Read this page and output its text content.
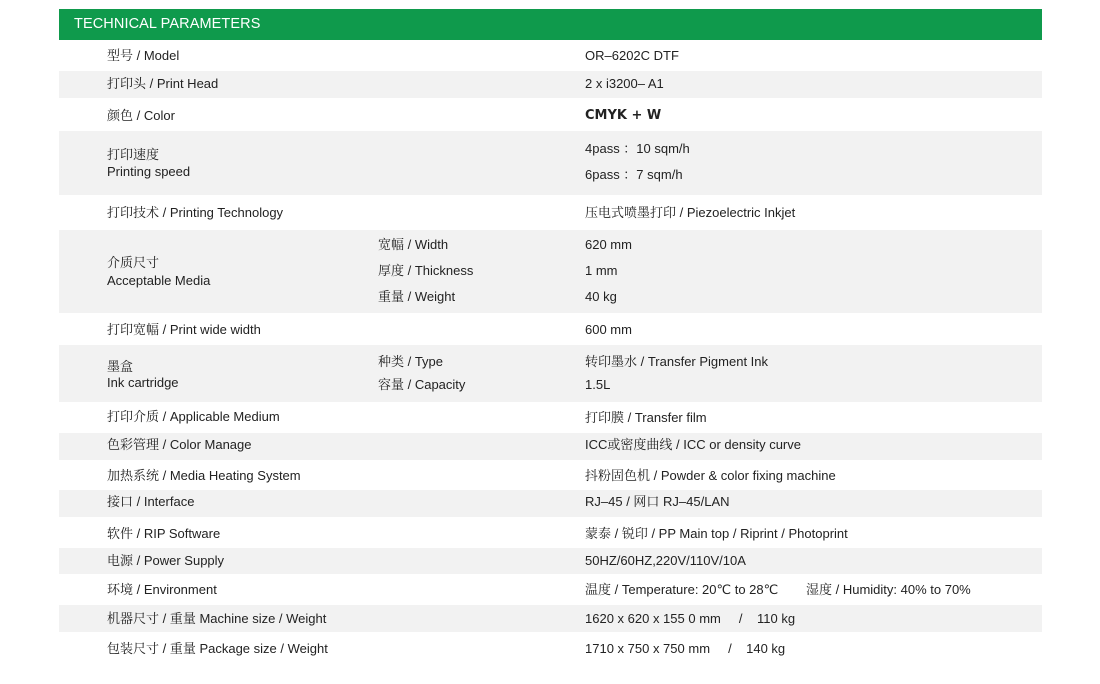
TECHNICAL PARAMETERS
型号 / Model	OR–6202C DTF
打印头 / Print Head	2 x i3200– A1
颜色 / Color	CMYK + W
打印速度
Printing speed
4pass ：10 sqm/h
6pass ：7 sqm/h
打印技术 / Printing Technology	压电式喷墨打印 / Piezoelectric Inkjet
介质尺寸
Acceptable Media
宽幅 / Width	620 mm
厚度 / Thickness	1 mm
重量 / Weight	40 kg
打印宽幅 / Print wide width	600 mm
墨盒
Ink cartridge
种类 / Type	转印墨水 / Transfer Pigment Ink
容量 / Capacity	1.5L
打印介质 / Applicable Medium	打印膜 / Transfer film
色彩管理 / Color Manage	ICC或密度曲线 / ICC or density curve
加热系统 / Media Heating System	抖粉固色机 / Powder & color fixing machine
接口 / Interface	RJ–45 / 网口 RJ–45/LAN
软件 / RIP Software	蒙泰 / 锐印 / PP Main top / Riprint / Photoprint
电源 / Power Supply	50HZ/60HZ,220V/110V/10A
环境 / Environment	温度 / Temperature: 20℃ to 28℃ 湿度 / Humidity: 40% to 70%
机器尺寸 / 重量 Machine size / Weight	1620 x 620 x 155 0 mm     /    110 kg
包装尺寸 / 重量 Package size / Weight	1710 x 750 x 750 mm     /    140 kg
